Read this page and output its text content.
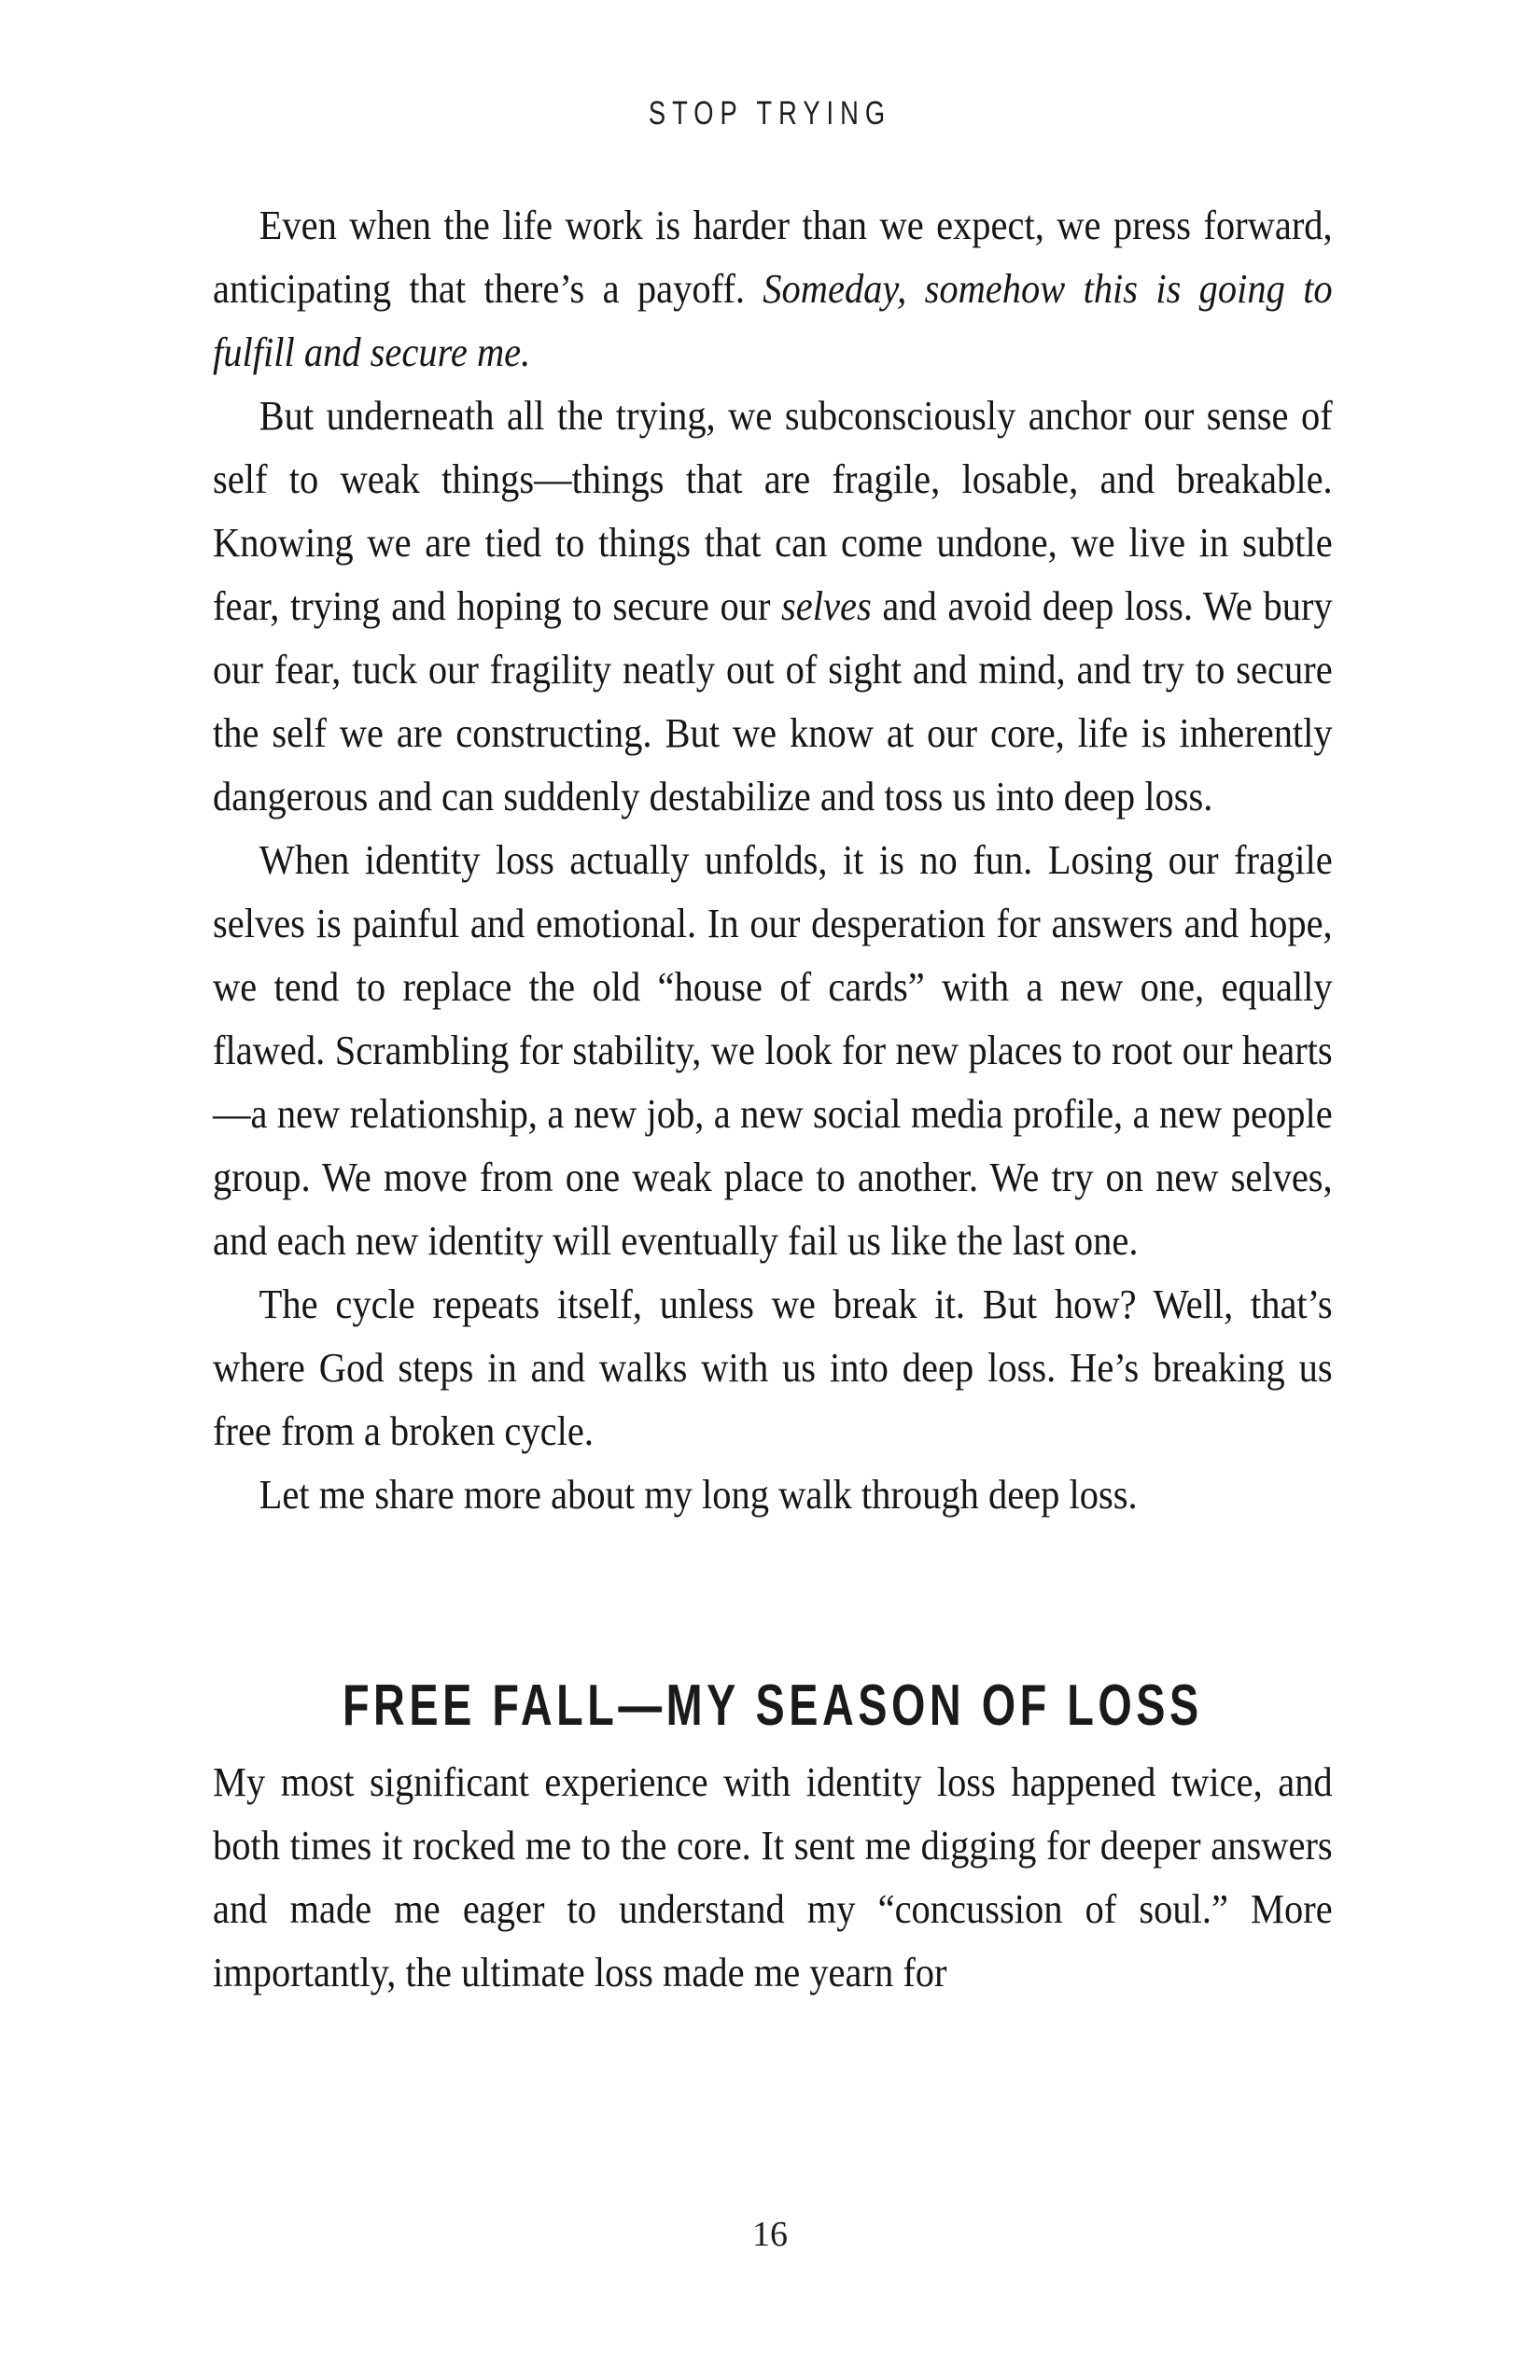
STOP TRYING

Even when the life work is harder than we expect, we press forward, anticipating that there’s a payoff. Someday, somehow this is going to fulfill and secure me.

But underneath all the trying, we subconsciously anchor our sense of self to weak things—things that are fragile, losable, and breakable. Knowing we are tied to things that can come undone, we live in subtle fear, trying and hoping to secure our selves and avoid deep loss. We bury our fear, tuck our fragility neatly out of sight and mind, and try to secure the self we are constructing. But we know at our core, life is inherently dangerous and can suddenly destabilize and toss us into deep loss.

When identity loss actually unfolds, it is no fun. Losing our fragile selves is painful and emotional. In our desperation for answers and hope, we tend to replace the old “house of cards” with a new one, equally flawed. Scrambling for stability, we look for new places to root our hearts—a new relationship, a new job, a new social media profile, a new people group. We move from one weak place to another. We try on new selves, and each new identity will eventually fail us like the last one.

The cycle repeats itself, unless we break it. But how? Well, that’s where God steps in and walks with us into deep loss. He’s breaking us free from a broken cycle.

Let me share more about my long walk through deep loss.

FREE FALL—MY SEASON OF LOSS

My most significant experience with identity loss happened twice, and both times it rocked me to the core. It sent me digging for deeper answers and made me eager to understand my “concussion of soul.” More importantly, the ultimate loss made me yearn for

16
